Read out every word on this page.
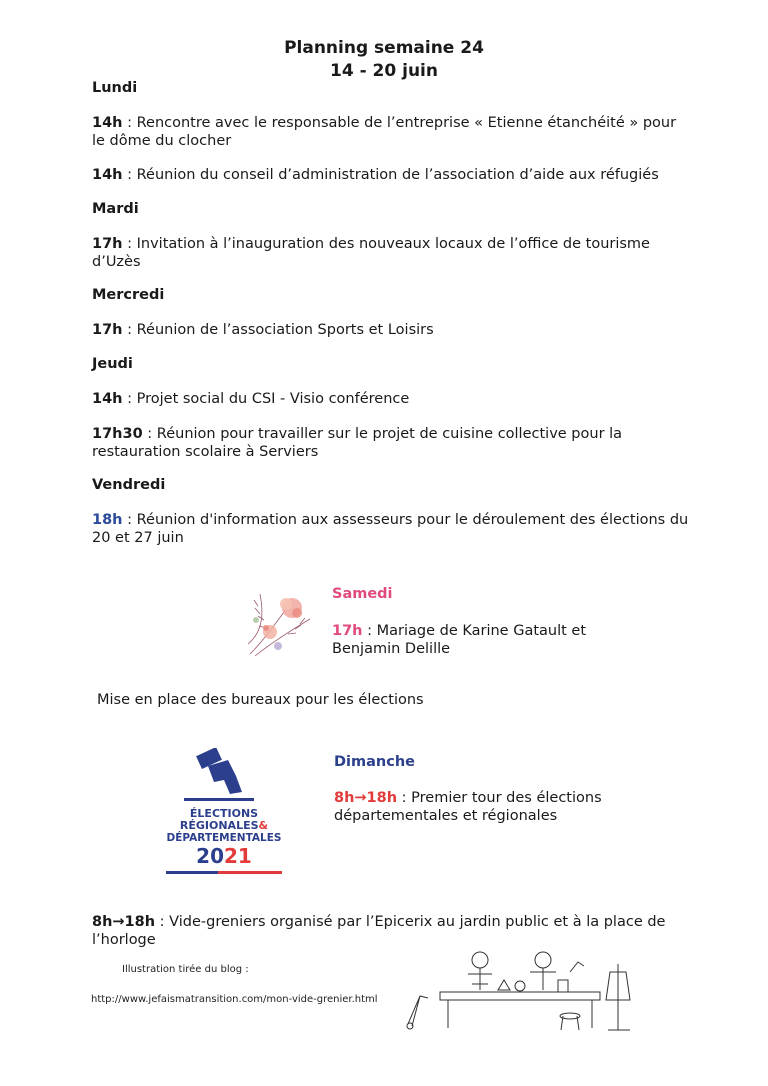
Planning semaine 24
14 - 20 juin
Lundi
14h : Rencontre avec le responsable de l’entreprise « Etienne étanchéité » pour le dôme du clocher
14h : Réunion du conseil d’administration de l’association d’aide aux réfugiés
Mardi
17h : Invitation à l’inauguration des nouveaux locaux de l’office de tourisme d’Uzès
Mercredi
17h : Réunion de l’association Sports et Loisirs
Jeudi
14h : Projet social du CSI - Visio conférence
17h30 : Réunion pour travailler sur le projet de cuisine collective pour la restauration scolaire à Serviers
Vendredi
18h : Réunion d'information aux assesseurs pour le déroulement des élections du 20 et 27 juin
Samedi
17h : Mariage de Karine Gatault et Benjamin Delille
Mise en place des bureaux pour les élections
ÉLECTIONS
RÉGIONALES&
DÉPARTEMENTALES
2021
Dimanche
8h→18h : Premier tour des élections départementales et régionales
8h→18h : Vide-greniers organisé par l’Epicerix au jardin public et à la place de l’horloge
Illustration tirée du blog :
http://www.jefaismatransition.com/mon-vide-grenier.html
